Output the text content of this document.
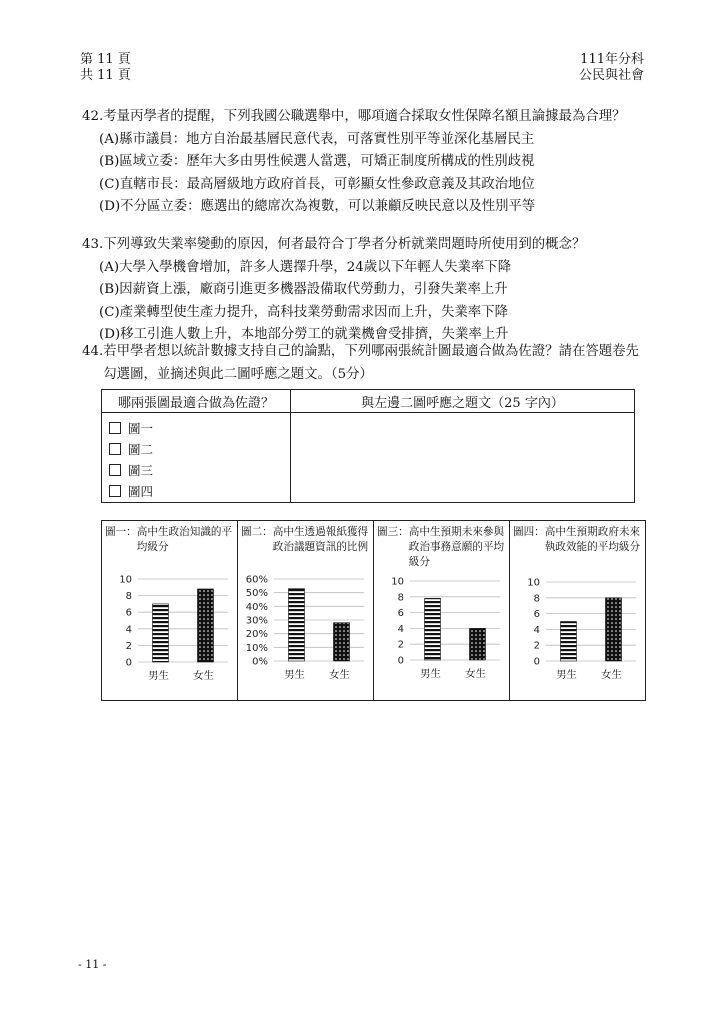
第 11 頁
共 11 頁
111年分科
公民與社會
42. 考量丙學者的提醒，下列我國公職選舉中，哪項適合採取女性保障名額且論據最為合理？
(A)縣市議員：地方自治最基層民意代表，可落實性別平等並深化基層民主
(B)區域立委：歷年大多由男性候選人當選，可矯正制度所構成的性別歧視
(C)直轄市長：最高層級地方政府首長，可彰顯女性參政意義及其政治地位
(D)不分區立委：應選出的總席次為複數，可以兼顧反映民意以及性別平等
43. 下列導致失業率變動的原因，何者最符合丁學者分析就業問題時所使用到的概念？
(A)大學入學機會增加，許多人選擇升學，24歲以下年輕人失業率下降
(B)因薪資上漲，廠商引進更多機器設備取代勞動力，引發失業率上升
(C)產業轉型使生產力提升，高科技業勞動需求因而上升，失業率下降
(D)移工引進人數上升，本地部分勞工的就業機會受排擠，失業率上升
44. 若甲學者想以統計數據支持自己的論點，下列哪兩張統計圖最適合做為佐證？請在答題卷先勾選圖，並摘述與此二圖呼應之題文。（5分）
哪兩張圖最適合做為佐證？	與左邊二圖呼應之題文（25 字內）

圖一
圖二
圖三
圖四	

圖一： 高中生政治知識的平均級分
0
2
4
6
8
10
男生 女生
圖二： 高中生透過報紙獲得政治議題資訊的比例
0%
10%
20%
30%
40%
50%
60%
男生 女生
圖三： 高中生預期未來參與政治事務意願的平均級分
0
2
4
6
8
10
男生 女生
圖四： 高中生預期政府未來執政效能的平均級分
0
2
4
6
8
10
男生 女生
- 11 -
